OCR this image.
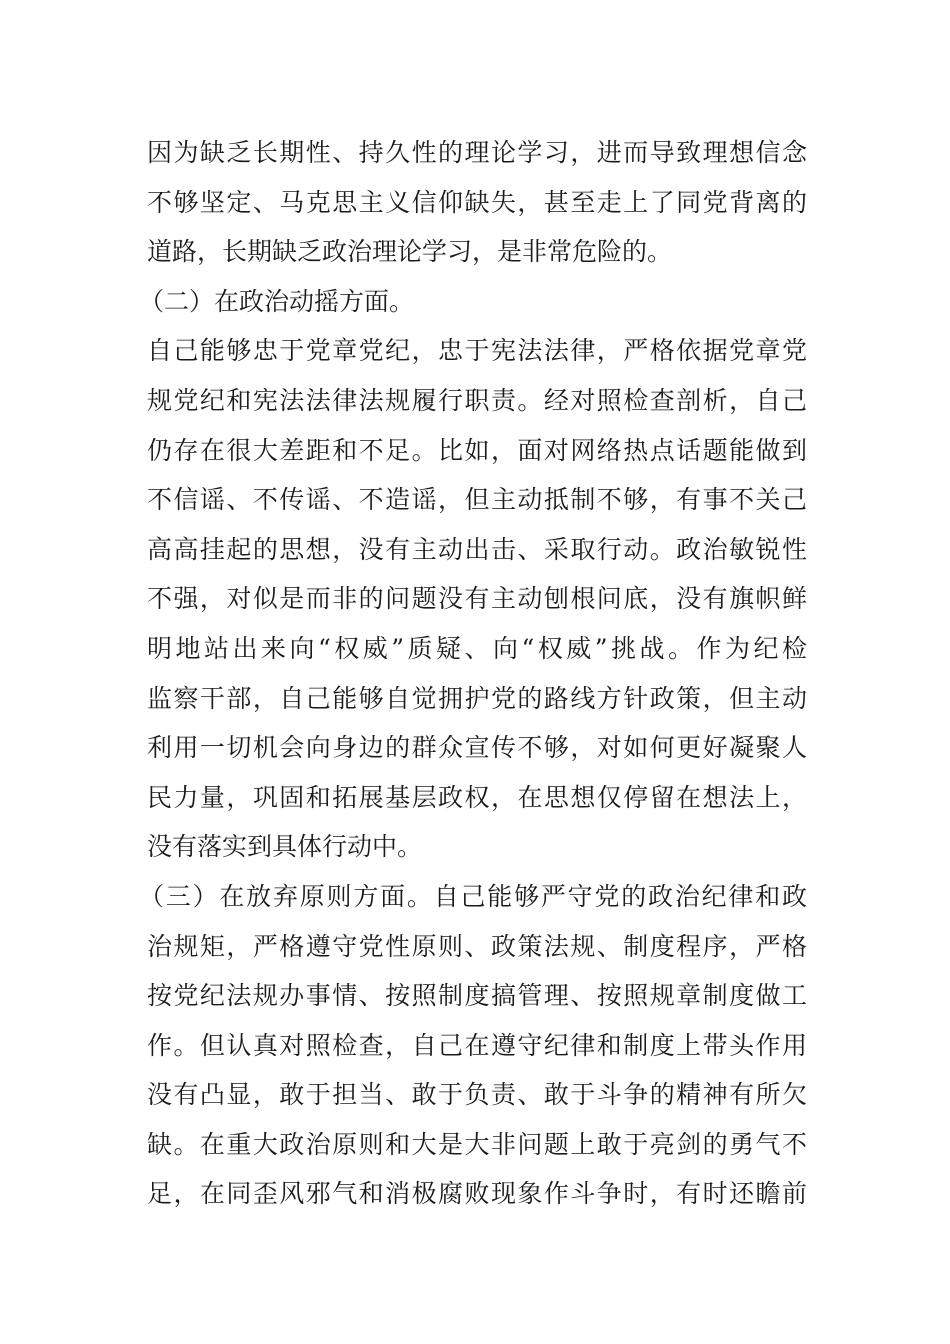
因为缺乏长期性、持久性的理论学习，进而导致理想信念
不够坚定、马克思主义信仰缺失，甚至走上了同党背离的
道路，长期缺乏政治理论学习，是非常危险的。
（二）在政治动摇方面。
自己能够忠于党章党纪，忠于宪法法律，严格依据党章党
规党纪和宪法法律法规履行职责。经对照检查剖析，自己
仍存在很大差距和不足。比如，面对网络热点话题能做到
不信谣、不传谣、不造谣，但主动抵制不够，有事不关己
高高挂起的思想，没有主动出击、采取行动。政治敏锐性
不强，对似是而非的问题没有主动刨根问底，没有旗帜鲜
明地站出来向“权威”质疑、向“权威”挑战。作为纪检
监察干部，自己能够自觉拥护党的路线方针政策，但主动
利用一切机会向身边的群众宣传不够，对如何更好凝聚人
民力量，巩固和拓展基层政权，在思想仅停留在想法上，
没有落实到具体行动中。
（三）在放弃原则方面。自己能够严守党的政治纪律和政
治规矩，严格遵守党性原则、政策法规、制度程序，严格
按党纪法规办事情、按照制度搞管理、按照规章制度做工
作。但认真对照检查，自己在遵守纪律和制度上带头作用
没有凸显，敢于担当、敢于负责、敢于斗争的精神有所欠
缺。在重大政治原则和大是大非问题上敢于亮剑的勇气不
足，在同歪风邪气和消极腐败现象作斗争时，有时还瞻前
